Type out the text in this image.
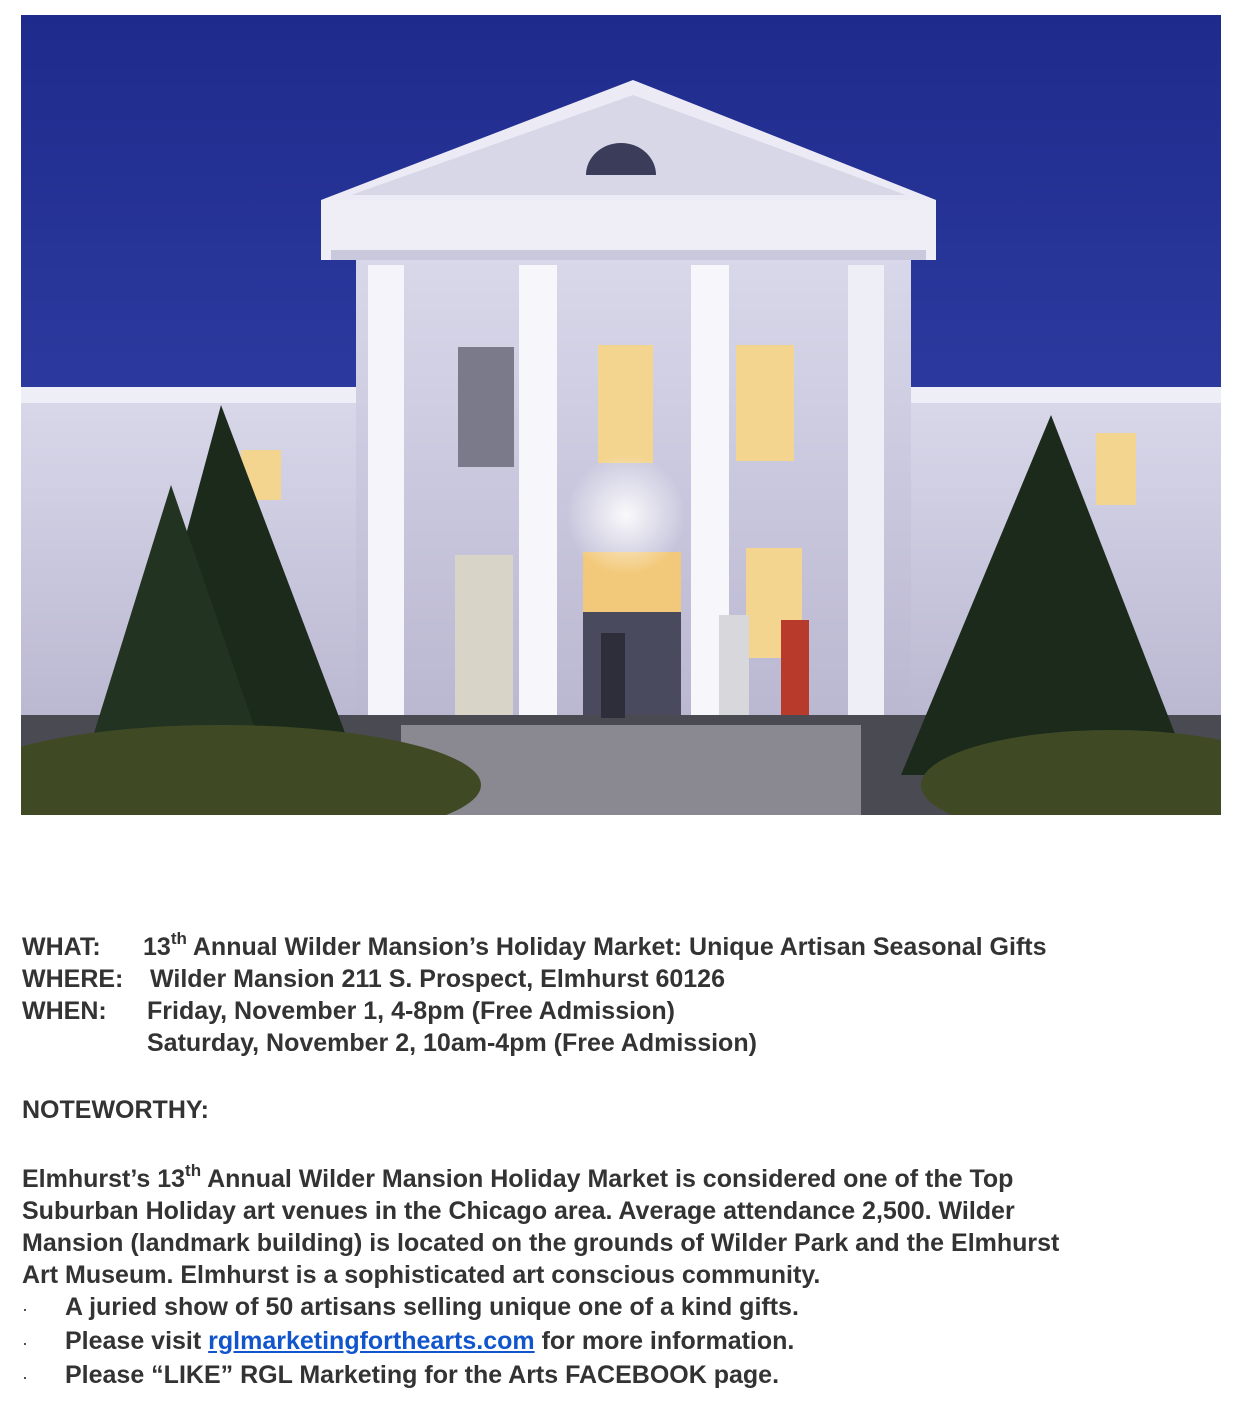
WHAT: 13th Annual Wilder Mansion’s Holiday Market: Unique Artisan Seasonal Gifts
WHERE: Wilder Mansion 211 S. Prospect, Elmhurst 60126
WHEN: Friday, November 1, 4-8pm (Free Admission)
Saturday, November 2, 10am-4pm (Free Admission)
NOTEWORTHY:
Elmhurst’s 13th Annual Wilder Mansion Holiday Market is considered one of the Top
Suburban Holiday art venues in the Chicago area. Average attendance 2,500. Wilder
Mansion (landmark building) is located on the grounds of Wilder Park and the Elmhurst
Art Museum. Elmhurst is a sophisticated art conscious community.
· A juried show of 50 artisans selling unique one of a kind gifts.
· Please visit rglmarketingforthearts.com for more information.
· Please “LIKE” RGL Marketing for the Arts FACEBOOK page.
